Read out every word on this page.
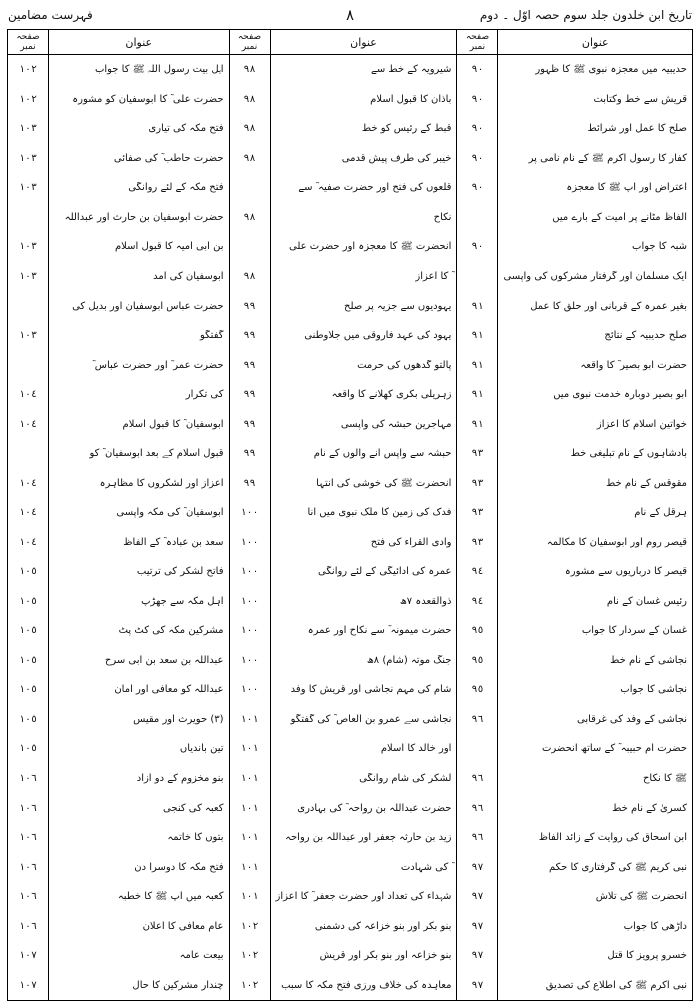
تاریخ ابن خلدون جلد سوم حصہ اوّل ۔ دوم
٨
فہرست مضامین
عنوان
صفحہ نمبر
حدیبیہ میں معجزہ نبوی ﷺ کا ظہور
٩٠
قریش سے خط وکتابت
٩٠
صلح کا عمل اور شرائط
٩٠
کفار کا رسول اکرم ﷺ کے نام نامی پر
٩٠
اعتراض اور آپ ﷺ کا معجزہ
٩٠
الفاظ مٹانے پر امیت کے بارے میں
شبہ کا جواب
٩٠
ایک مسلمان اور گرفتار مشرکوں کی واپسی
بغیر عمرہ کے قربانی اور حلق کا عمل
٩١
صلح حدیبیہ کے نتائج
٩١
حضرت ابو بصیر ؓ کا واقعہ
٩١
ابو بصیر دوبارہ خدمت نبوی میں
٩١
خواتین اسلام کا اعزاز
٩١
بادشاہوں کے نام تبلیغی خط
٩٣
مقوقس کے نام خط
٩٣
ہرقل کے نام
٩٣
قیصر روم اور ابوسفیان کا مکالمہ
٩٣
قیصر کا درباریوں سے مشورہ
٩٤
رئیس غسان کے نام
٩٤
غسان کے سردار کا جواب
٩٥
نجاشی کے نام خط
٩٥
نجاشی کا جواب
٩٥
نجاشی کے وفد کی غرقابی
٩٦
حضرت ام حبیبہ ؓ کے ساتھ آنحضرت
ﷺ کا نکاح
٩٦
کسریٰ کے نام خط
٩٦
ابن اسحاق کی روایت کے زائد الفاظ
٩٦
نبی کریم ﷺ کی گرفتاری کا حکم
٩٧
آنحضرت ﷺ کی تلاش
٩٧
داڑھی کا جواب
٩٧
خسرو پرویز کا قتل
٩٧
نبی اکرم ﷺ کی اطلاع کی تصدیق
٩٧
عنوان
صفحہ نمبر
شیرویہ کے خط سے
٩٨
باذان کا قبول اسلام
٩٨
قبط کے رئیس کو خط
٩٨
خیبر کی طرف پیش قدمی
٩٨
قلعوں کی فتح اور حضرت صفیہ ؓ سے
نکاح
٩٨
آنحضرت ﷺ کا معجزہ اور حضرت علی
ؓ کا اعزاز
٩٨
یہودیوں سے جزیہ پر صلح
٩٩
یہود کی عہد فاروقی میں جلاوطنی
٩٩
پالتو گدھوں کی حرمت
٩٩
زہریلی بکری کھلانے کا واقعہ
٩٩
مہاجرین حبشہ کی واپسی
٩٩
حبشہ سے واپس آنے والوں کے نام
٩٩
آنحضرت ﷺ کی خوشی کی انتہا
٩٩
فدک کی زمین کا ملک نبوی میں آنا
١٠٠
وادی القراء کی فتح
١٠٠
عمرہ کی ادائیگی کے لئے روانگی
١٠٠
ذوالقعدہ ٧ھ
١٠٠
حضرت میمونہ ؓ سے نکاح اور عمرہ
١٠٠
جنگ موتہ (شام) ٨ھ
١٠٠
شام کی مہم نجاشی اور قریش کا وفد
١٠٠
نجاشی سے عمرو بن العاص ؓ کی گفتگو
١٠١
اور خالد کا اسلام
١٠١
لشکر کی شام روانگی
١٠١
حضرت عبداللہ بن رواحہ ؓ کی بہادری
١٠١
زید بن حارثہ جعفر اور عبداللہ بن رواحہ
١٠١
ؓ کی شہادت
١٠١
شہداء کی تعداد اور حضرت جعفر ؓ کا اعزاز
١٠١
بنو بکر اور بنو خزاعہ کی دشمنی
١٠٢
بنو خزاعہ اور بنو بکر اور قریش
١٠٢
معاہدہ کی خلاف ورزی فتح مکہ کا سبب
١٠٢
عنوان
صفحہ نمبر
اہل بیت رسول اللہ ﷺ کا جواب
١٠٢
حضرت علی ؓ کا ابوسفیان کو مشورہ
١٠٢
فتح مکہ کی تیاری
١٠٣
حضرت حاطب ؓ کی صفائی
١٠٣
فتح مکہ کے لئے روانگی
١٠٣
حضرت ابوسفیان بن حارث اور عبداللہ
بن ابی امیہ کا قبول اسلام
١٠٣
ابوسفیان کی آمد
١٠٣
حضرت عباس ابوسفیان اور بدیل کی
گفتگو
١٠٣
حضرت عمر ؓ اور حضرت عباس ؓ
کی تکرار
١٠٤
ابوسفیان ؓ کا قبول اسلام
١٠٤
قبول اسلام کے بعد ابوسفیان ؓ کو
اعزاز اور لشکروں کا مظاہرہ
١٠٤
ابوسفیان ؓ کی مکہ واپسی
١٠٤
سعد بن عبادہ ؓ کے الفاظ
١٠٤
فاتح لشکر کی ترتیب
١٠٥
اہل مکہ سے جھڑپ
١٠٥
مشرکین مکہ کی کٹ پٹ
١٠٥
عبداللہ بن سعد بن ابی سرح
١٠٥
عبداللہ کو معافی اور امان
١٠٥
(٣) حویرث اور مقیس
١٠٥
تین باندیاں
١٠٥
بنو مخزوم کے دو آزاد
١٠٦
کعبہ کی کنجی
١٠٦
بتوں کا خاتمہ
١٠٦
فتح مکہ کا دوسرا دن
١٠٦
کعبہ میں آپ ﷺ کا خطبہ
١٠٦
عام معافی کا اعلان
١٠٦
بیعت عامہ
١٠٧
چندار مشرکین کا حال
١٠٧
